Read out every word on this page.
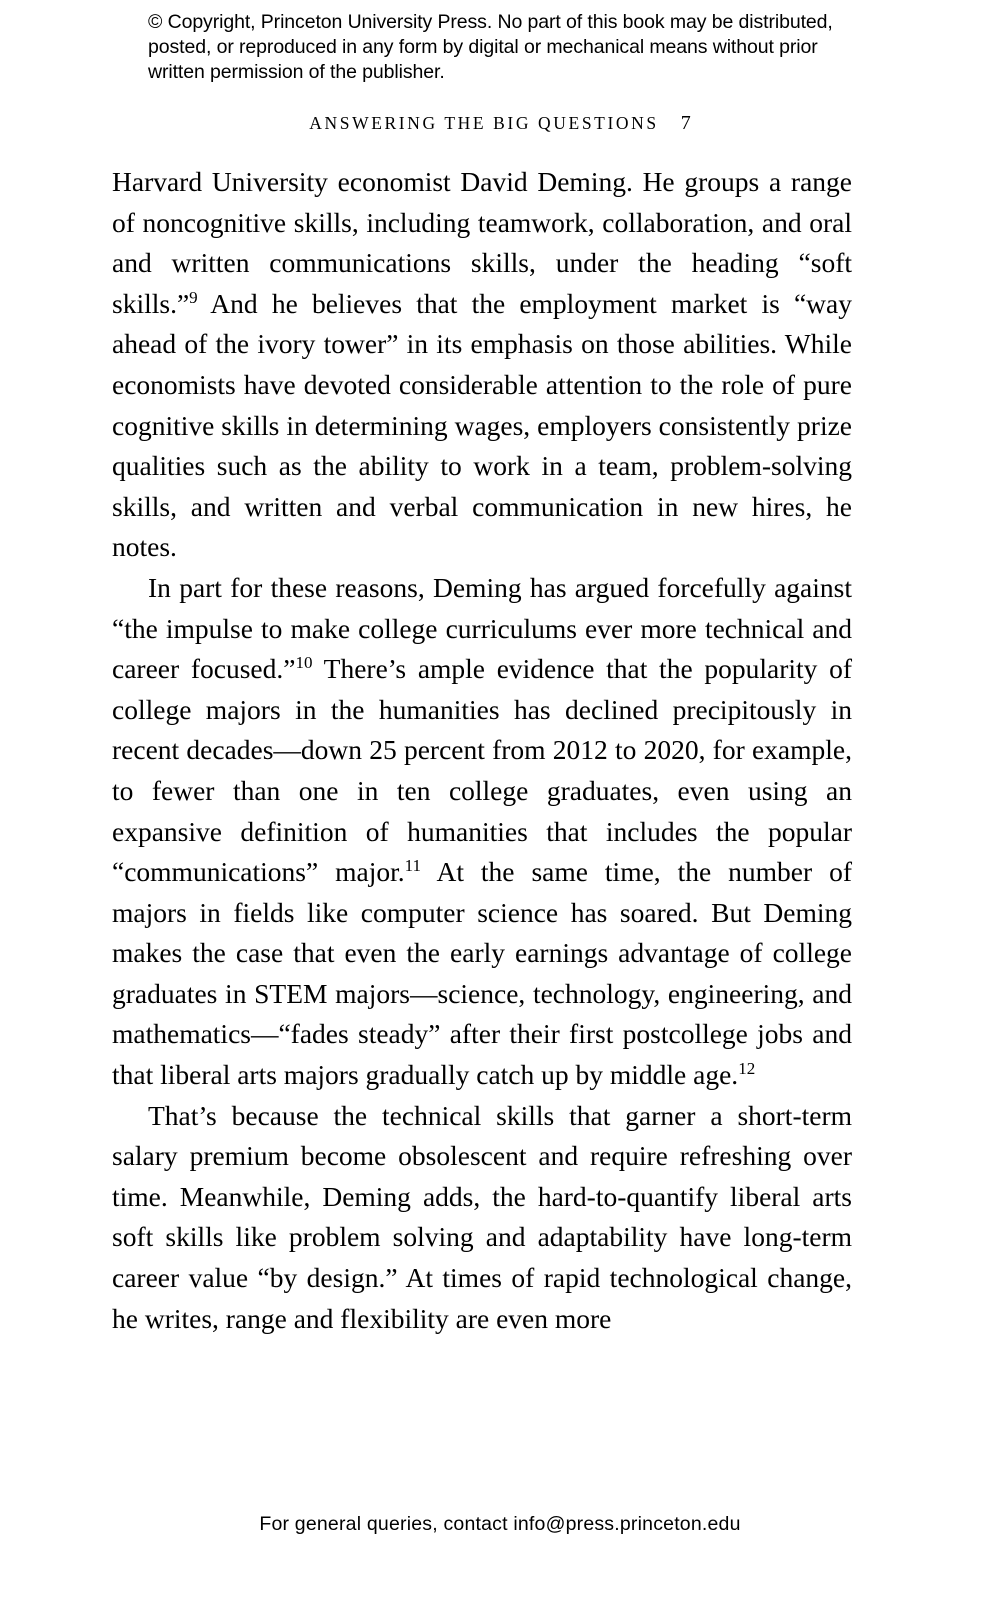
© Copyright, Princeton University Press. No part of this book may be distributed, posted, or reproduced in any form by digital or mechanical means without prior written permission of the publisher.
ANSWERING THE BIG QUESTIONS 7

Harvard University economist David Deming. He groups a range of noncognitive skills, including teamwork, collaboration, and oral and written communications skills, under the heading “soft skills.”$^9$ And he believes that the employment market is “way ahead of the ivory tower” in its emphasis on those abilities. While economists have devoted considerable attention to the role of pure cognitive skills in determining wages, employers consistently prize qualities such as the ability to work in a team, problem-solving skills, and written and verbal communication in new hires, he notes.

In part for these reasons, Deming has argued forcefully against “the impulse to make college curriculums ever more technical and career focused.”$^{10}$ There’s ample evidence that the popularity of college majors in the humanities has declined precipitously in recent decades—down 25 percent from 2012 to 2020, for example, to fewer than one in ten college graduates, even using an expansive definition of humanities that includes the popular “communications” major.$^{11}$ At the same time, the number of majors in fields like computer science has soared. But Deming makes the case that even the early earnings advantage of college graduates in STEM majors—science, technology, engineering, and mathematics—“fades steady” after their first postcollege jobs and that liberal arts majors gradually catch up by middle age.$^{12}$

That’s because the technical skills that garner a short-term salary premium become obsolescent and require refreshing over time. Meanwhile, Deming adds, the hard-to-quantify liberal arts soft skills like problem solving and adaptability have long-term career value “by design.” At times of rapid technological change, he writes, range and flexibility are even more

For general queries, contact info@press.princeton.edu
